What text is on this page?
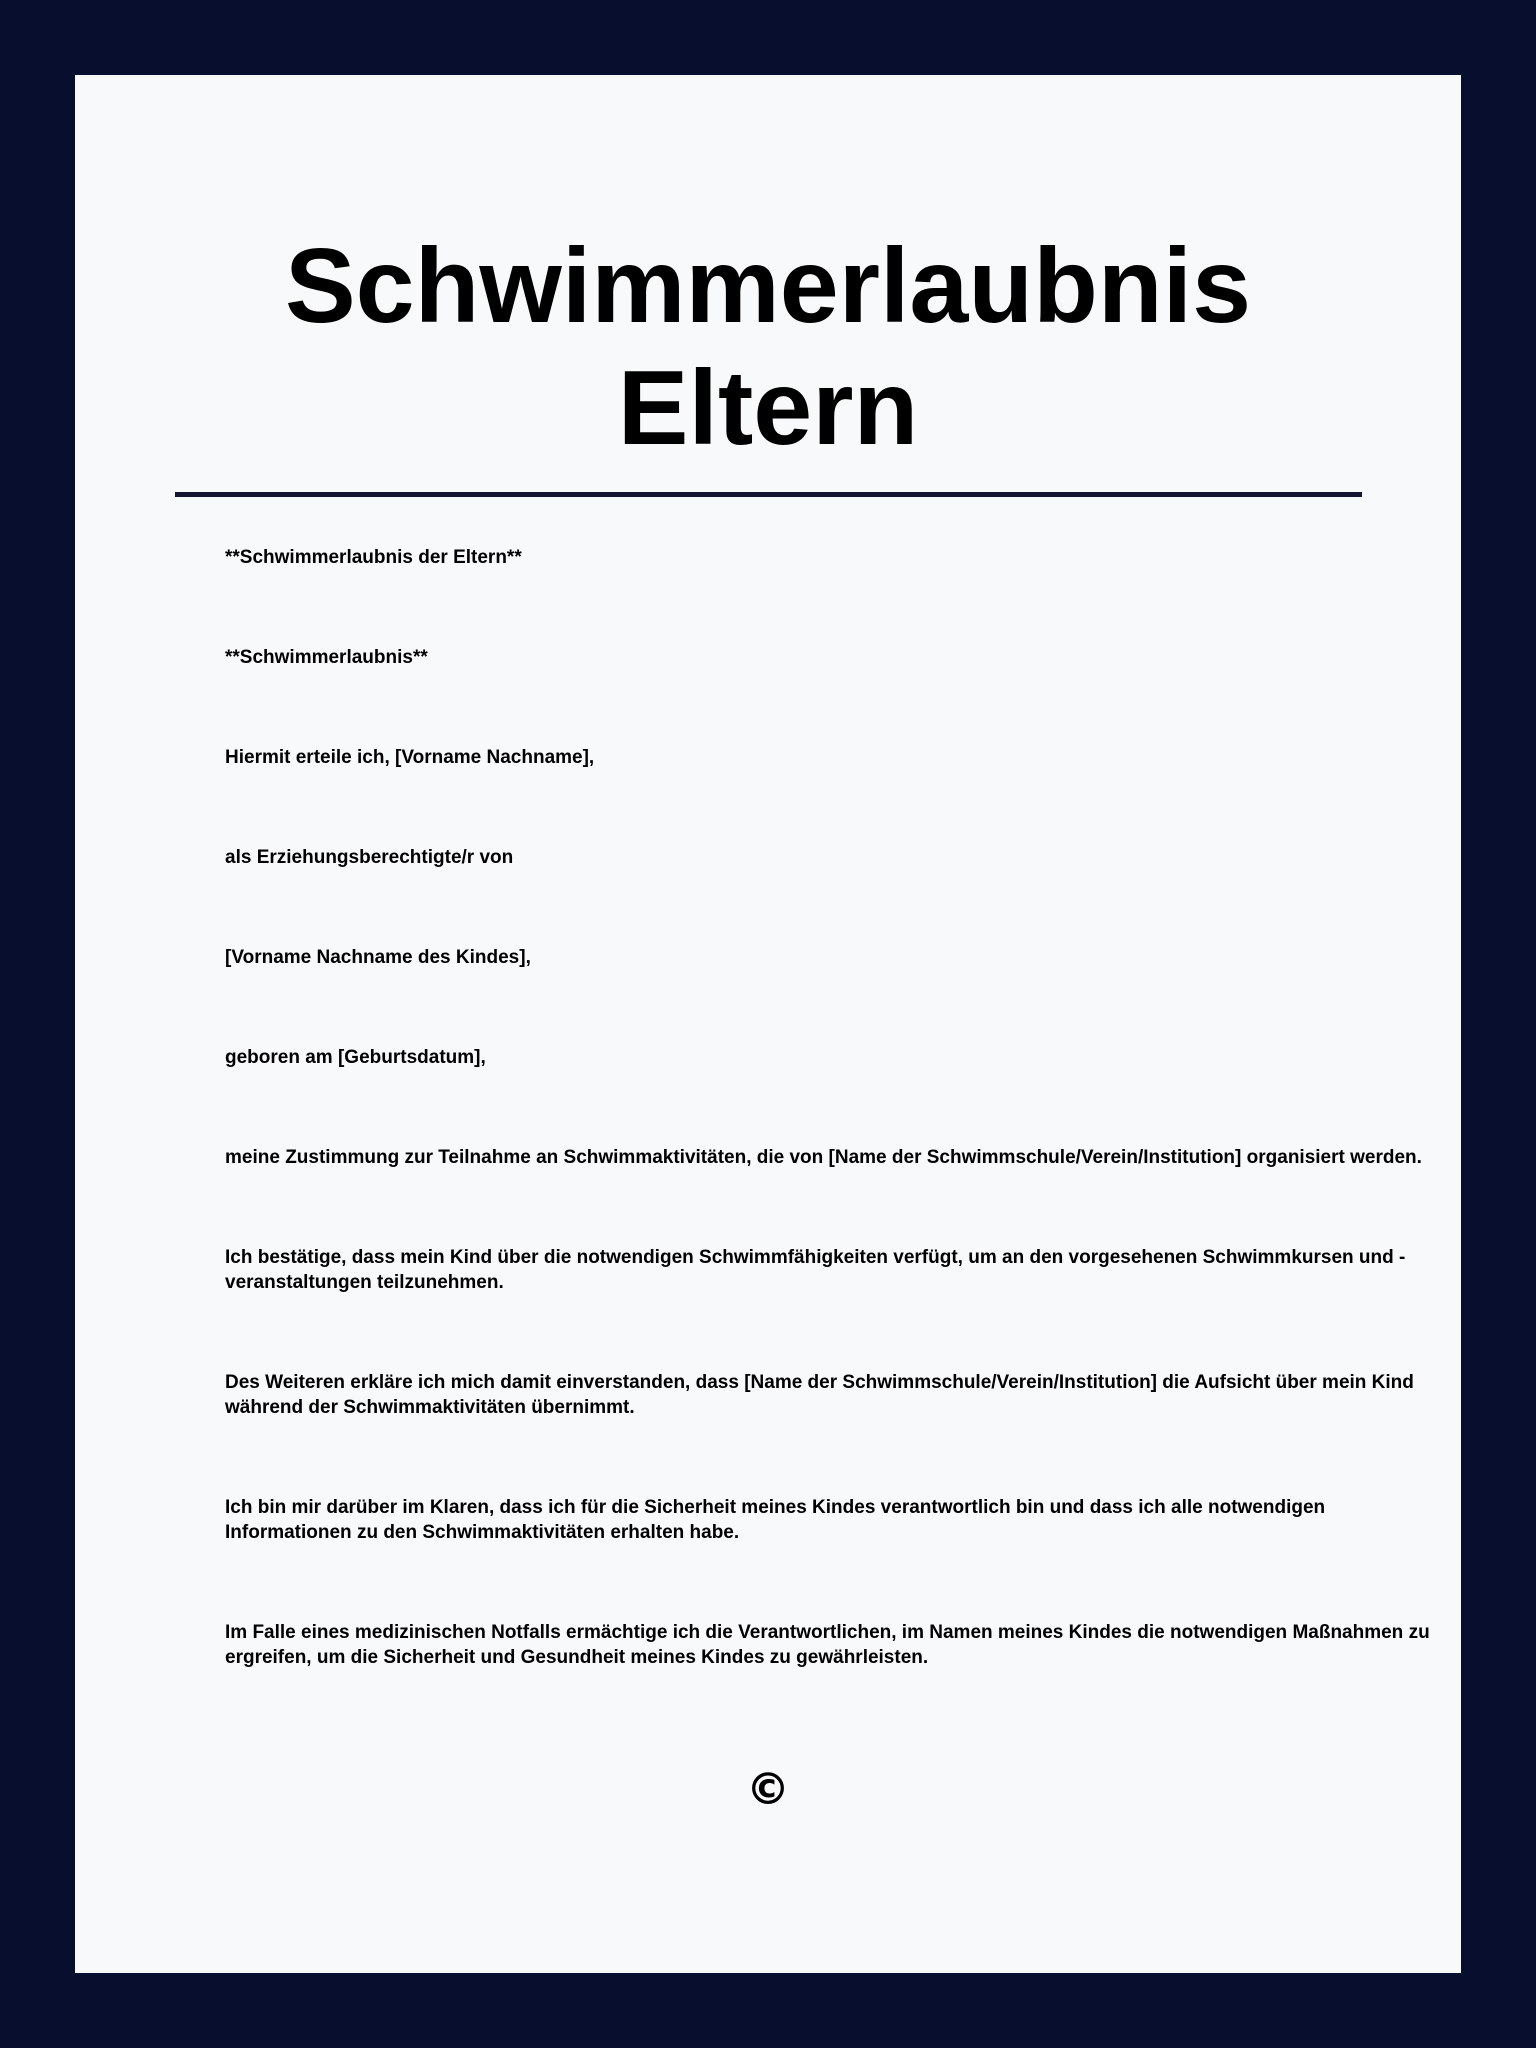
Schwimmerlaubnis
Eltern

**Schwimmerlaubnis der Eltern**

**Schwimmerlaubnis**

Hiermit erteile ich, [Vorname Nachname],

als Erziehungsberechtigte/r von

[Vorname Nachname des Kindes],

geboren am [Geburtsdatum],

meine Zustimmung zur Teilnahme an Schwimmaktivitäten, die von [Name der Schwimmschule/Verein/Institution] organisiert werden.

Ich bestätige, dass mein Kind über die notwendigen Schwimmfähigkeiten verfügt, um an den vorgesehenen Schwimmkursen und -veranstaltungen teilzunehmen.

Des Weiteren erkläre ich mich damit einverstanden, dass [Name der Schwimmschule/Verein/Institution] die Aufsicht über mein Kind während der Schwimmaktivitäten übernimmt.

Ich bin mir darüber im Klaren, dass ich für die Sicherheit meines Kindes verantwortlich bin und dass ich alle notwendigen Informationen zu den Schwimmaktivitäten erhalten habe.

Im Falle eines medizinischen Notfalls ermächtige ich die Verantwortlichen, im Namen meines Kindes die notwendigen Maßnahmen zu ergreifen, um die Sicherheit und Gesundheit meines Kindes zu gewährleisten.

©
